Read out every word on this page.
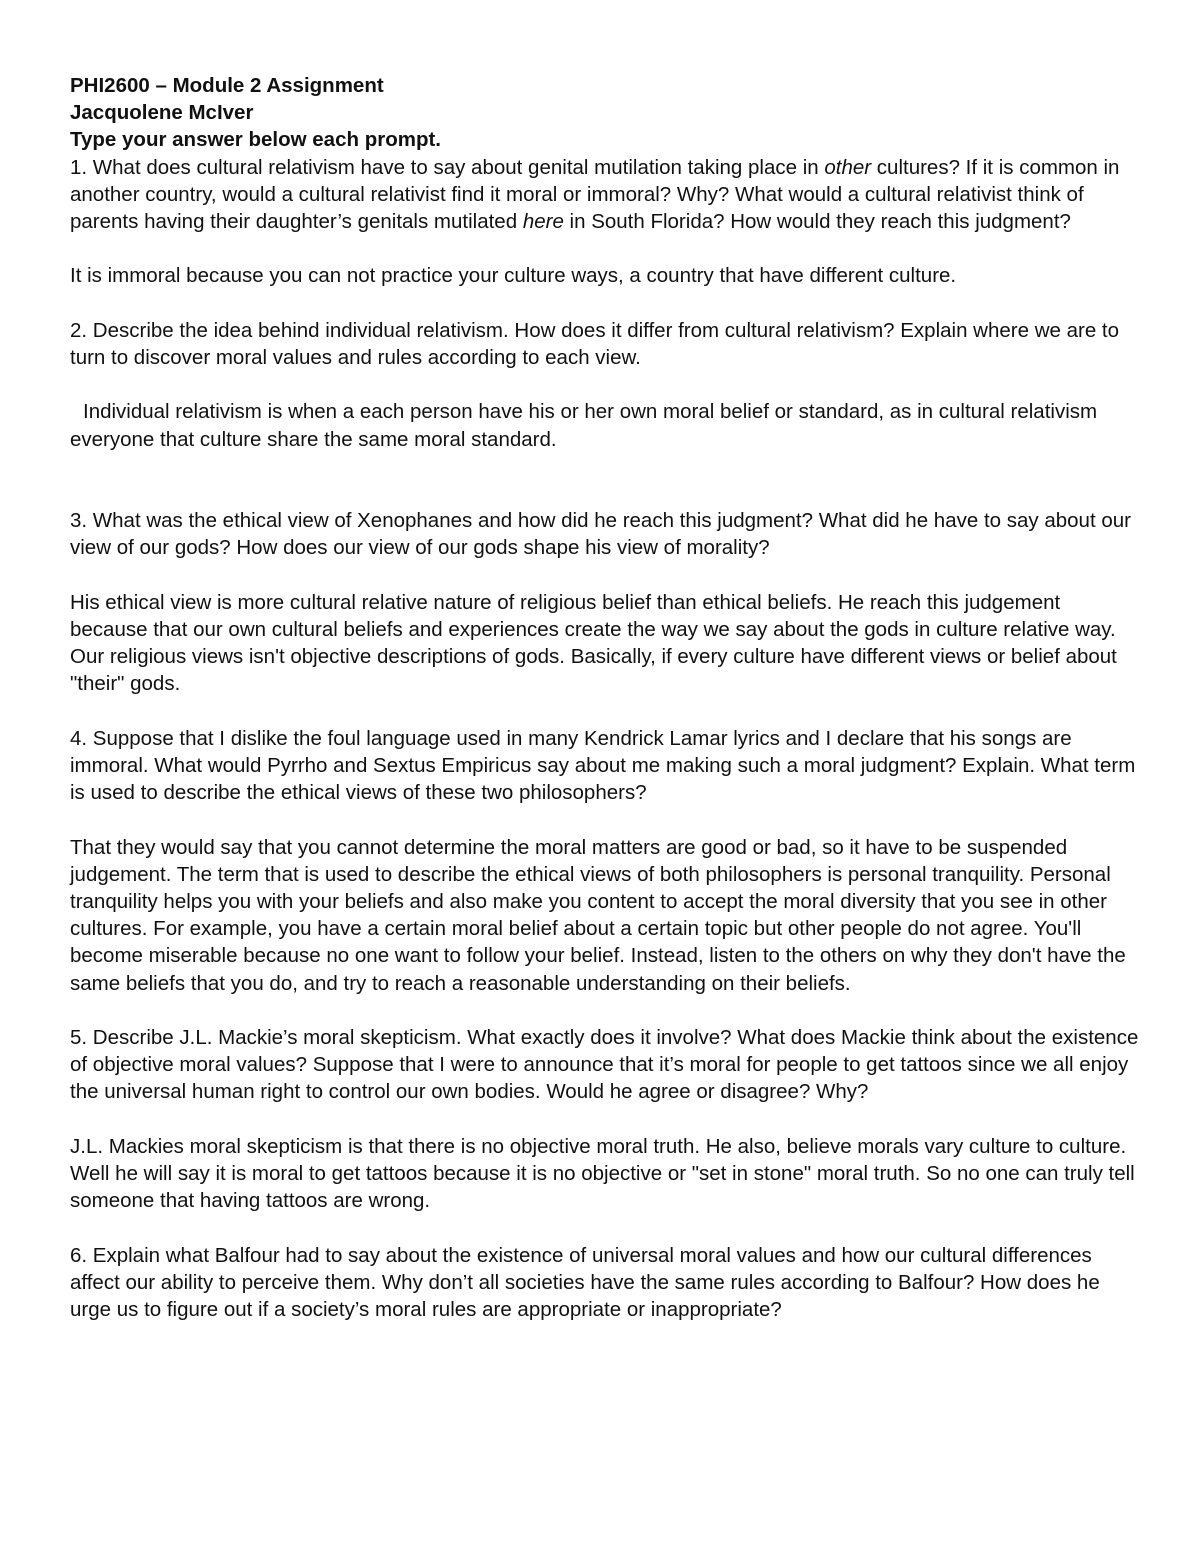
PHI2600 – Module 2 Assignment
Jacquolene McIver
Type your answer below each prompt.

1. What does cultural relativism have to say about genital mutilation taking place in other cultures? If it is common in another country, would a cultural relativist find it moral or immoral? Why? What would a cultural relativist think of parents having their daughter’s genitals mutilated here in South Florida? How would they reach this judgment?

It is immoral because you can not practice your culture ways, a country that have different culture.

2. Describe the idea behind individual relativism. How does it differ from cultural relativism? Explain where we are to turn to discover moral values and rules according to each view.

Individual relativism is when a each person have his or her own moral belief or standard, as in cultural relativism everyone that culture share the same moral standard.

3. What was the ethical view of Xenophanes and how did he reach this judgment? What did he have to say about our view of our gods? How does our view of our gods shape his view of morality?

His ethical view is more cultural relative nature of religious belief than ethical beliefs. He reach this judgement because that our own cultural beliefs and experiences create the way we say about the gods in culture relative way. Our religious views isn't objective descriptions of gods. Basically, if every culture have different views or belief about "their" gods.

4. Suppose that I dislike the foul language used in many Kendrick Lamar lyrics and I declare that his songs are immoral. What would Pyrrho and Sextus Empiricus say about me making such a moral judgment? Explain. What term is used to describe the ethical views of these two philosophers?

That they would say that you cannot determine the moral matters are good or bad, so it have to be suspended judgement. The term that is used to describe the ethical views of both philosophers is personal tranquility. Personal tranquility helps you with your beliefs and also make you content to accept the moral diversity that you see in other cultures. For example, you have a certain moral belief about a certain topic but other people do not agree. You'll become miserable because no one want to follow your belief. Instead, listen to the others on why they don't have the same beliefs that you do, and try to reach a reasonable understanding on their beliefs.

5. Describe J.L. Mackie’s moral skepticism. What exactly does it involve? What does Mackie think about the existence of objective moral values? Suppose that I were to announce that it’s moral for people to get tattoos since we all enjoy the universal human right to control our own bodies. Would he agree or disagree? Why?

J.L. Mackies moral skepticism is that there is no objective moral truth. He also, believe morals vary culture to culture. Well he will say it is moral to get tattoos because it is no objective or "set in stone" moral truth. So no one can truly tell someone that having tattoos are wrong.

6. Explain what Balfour had to say about the existence of universal moral values and how our cultural differences affect our ability to perceive them. Why don’t all societies have the same rules according to Balfour? How does he urge us to figure out if a society’s moral rules are appropriate or inappropriate?
